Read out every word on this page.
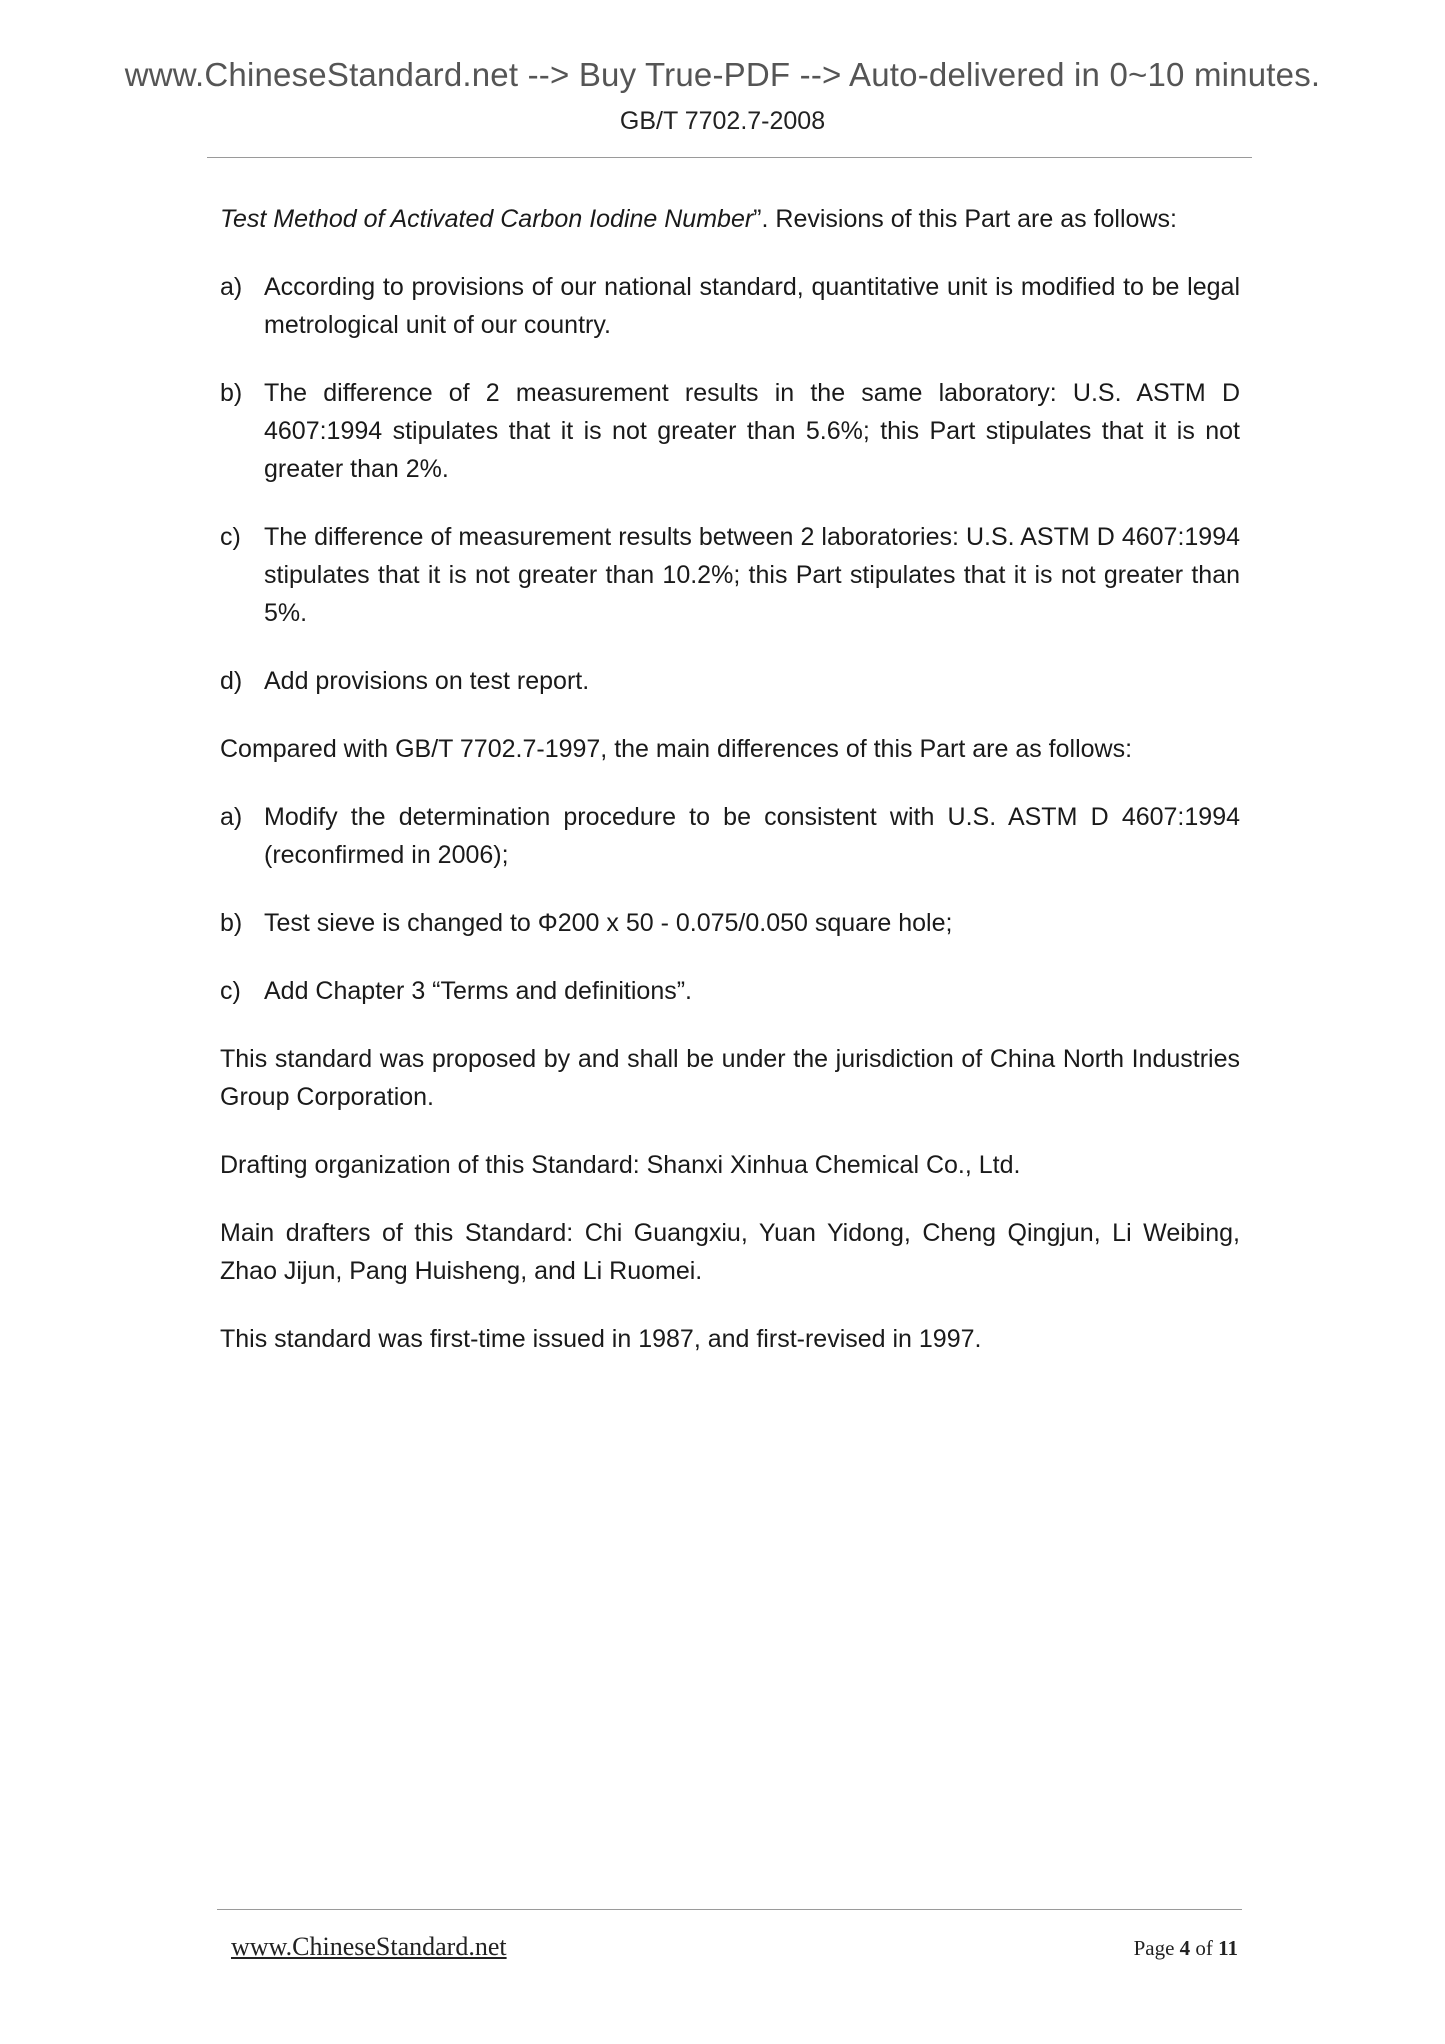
www.ChineseStandard.net --> Buy True-PDF --> Auto-delivered in 0~10 minutes.
GB/T 7702.7-2008

Test Method of Activated Carbon Iodine Number”. Revisions of this Part are as follows:

a) According to provisions of our national standard, quantitative unit is modified to be legal metrological unit of our country.
b) The difference of 2 measurement results in the same laboratory: U.S. ASTM D 4607:1994 stipulates that it is not greater than 5.6%; this Part stipulates that it is not greater than 2%.
c) The difference of measurement results between 2 laboratories: U.S. ASTM D 4607:1994 stipulates that it is not greater than 10.2%; this Part stipulates that it is not greater than 5%.
d) Add provisions on test report.

Compared with GB/T 7702.7-1997, the main differences of this Part are as follows:

a) Modify the determination procedure to be consistent with U.S. ASTM D 4607:1994 (reconfirmed in 2006);
b) Test sieve is changed to Φ200 x 50 - 0.075/0.050 square hole;
c) Add Chapter 3 “Terms and definitions”.

This standard was proposed by and shall be under the jurisdiction of China North Industries Group Corporation.

Drafting organization of this Standard: Shanxi Xinhua Chemical Co., Ltd.

Main drafters of this Standard: Chi Guangxiu, Yuan Yidong, Cheng Qingjun, Li Weibing, Zhao Jijun, Pang Huisheng, and Li Ruomei.

This standard was first-time issued in 1987, and first-revised in 1997.

www.ChineseStandard.net	Page 4 of 11
